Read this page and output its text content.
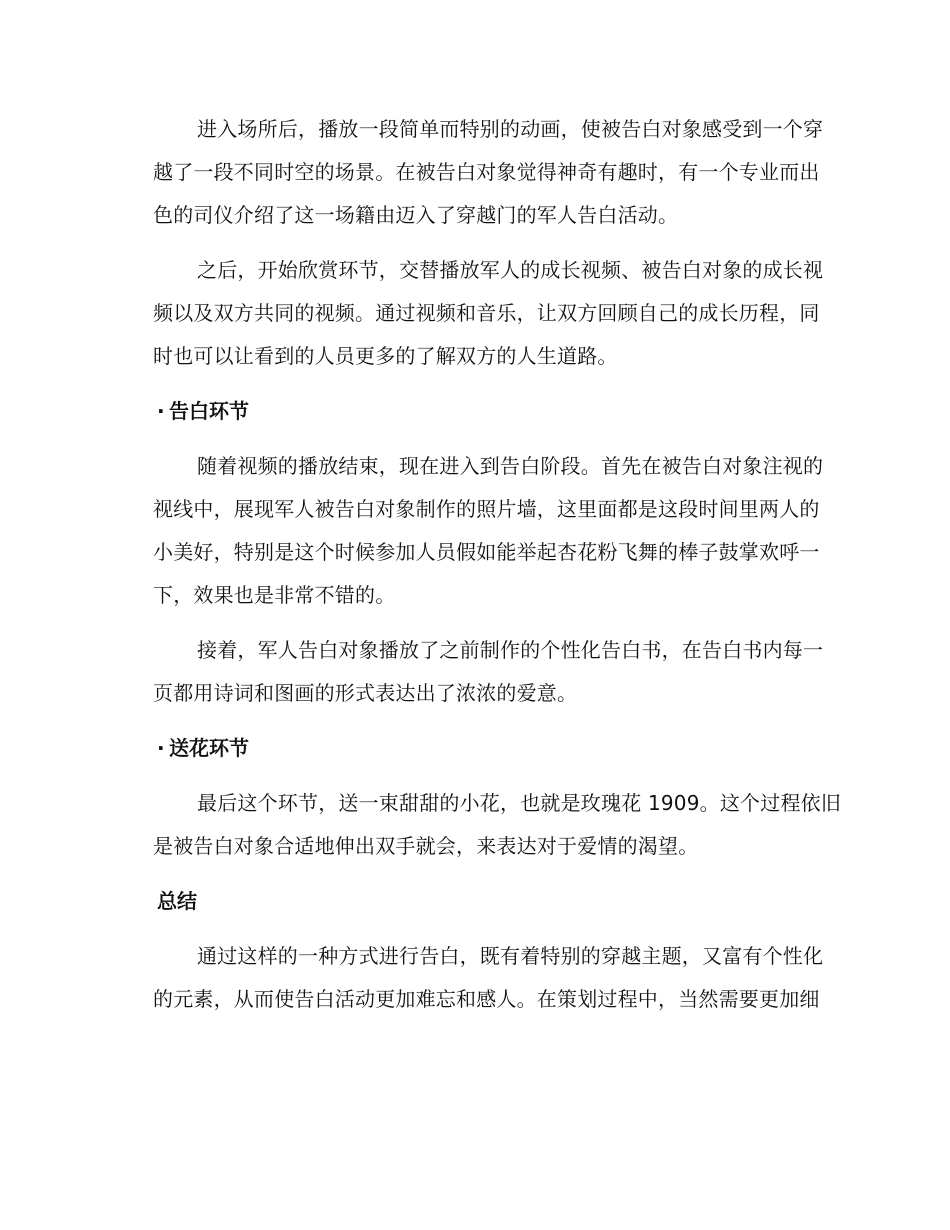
进入场所后，播放一段简单而特别的动画，使被告白对象感受到一个穿
越了一段不同时空的场景。在被告白对象觉得神奇有趣时，有一个专业而出
色的司仪介绍了这一场籍由迈入了穿越门的军人告白活动。
之后，开始欣赏环节，交替播放军人的成长视频、被告白对象的成长视
频以及双方共同的视频。通过视频和音乐，让双方回顾自己的成长历程，同
时也可以让看到的人员更多的了解双方的人生道路。
· 告白环节
随着视频的播放结束，现在进入到告白阶段。首先在被告白对象注视的
视线中，展现军人被告白对象制作的照片墙，这里面都是这段时间里两人的
小美好，特别是这个时候参加人员假如能举起杏花粉飞舞的棒子鼓掌欢呼一
下，效果也是非常不错的。
接着，军人告白对象播放了之前制作的个性化告白书，在告白书内每一
页都用诗词和图画的形式表达出了浓浓的爱意。
· 送花环节
最后这个环节，送一束甜甜的小花，也就是玫瑰花 1909。这个过程依旧
是被告白对象合适地伸出双手就会，来表达对于爱情的渴望。
总结
通过这样的一种方式进行告白，既有着特别的穿越主题，又富有个性化
的元素，从而使告白活动更加难忘和感人。在策划过程中，当然需要更加细
